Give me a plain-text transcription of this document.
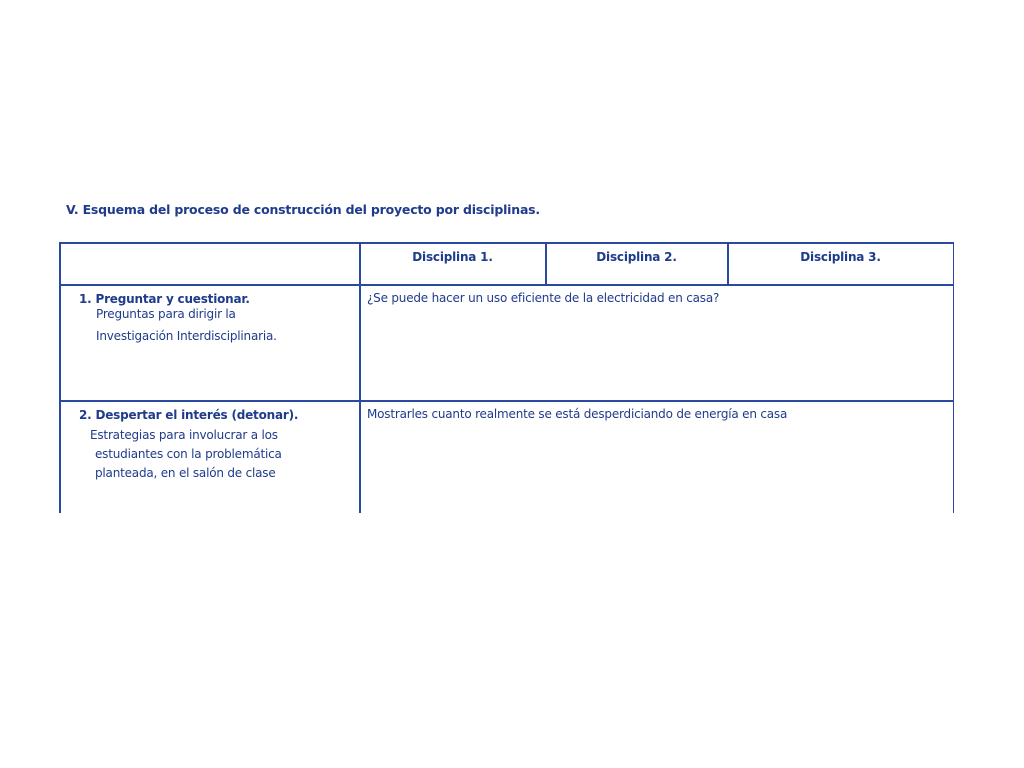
V. Esquema del proceso de construcción del proyecto por disciplinas.
Disciplina 1.	Disciplina 2.	Disciplina 3.
1. Preguntar y cuestionar.
Preguntas para dirigir la
Investigación Interdisciplinaria.
¿Se puede hacer un uso eficiente de la electricidad en casa?
2. Despertar el interés (detonar).
Estrategias para involucrar a los
estudiantes con la problemática
planteada, en el salón de clase
Mostrarles cuanto realmente se está desperdiciando de energía en casa
